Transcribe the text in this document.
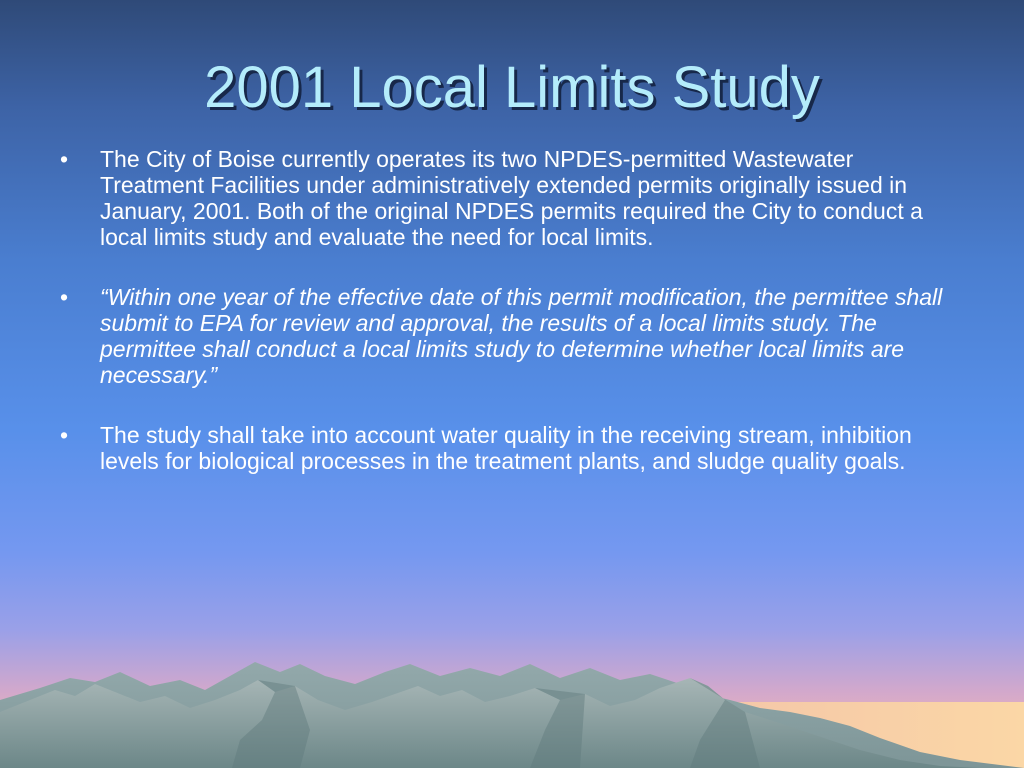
2001 Local Limits Study
• The City of Boise currently operates its two NPDES-permitted Wastewater Treatment Facilities under administratively extended permits originally issued in January, 2001. Both of the original NPDES permits required the City to conduct a local limits study and evaluate the need for local limits.
• “Within one year of the effective date of this permit modification, the permittee shall submit to EPA for review and approval, the results of a local limits study. The permittee shall conduct a local limits study to determine whether local limits are necessary.”
• The study shall take into account water quality in the receiving stream, inhibition levels for biological processes in the treatment plants, and sludge quality goals.
